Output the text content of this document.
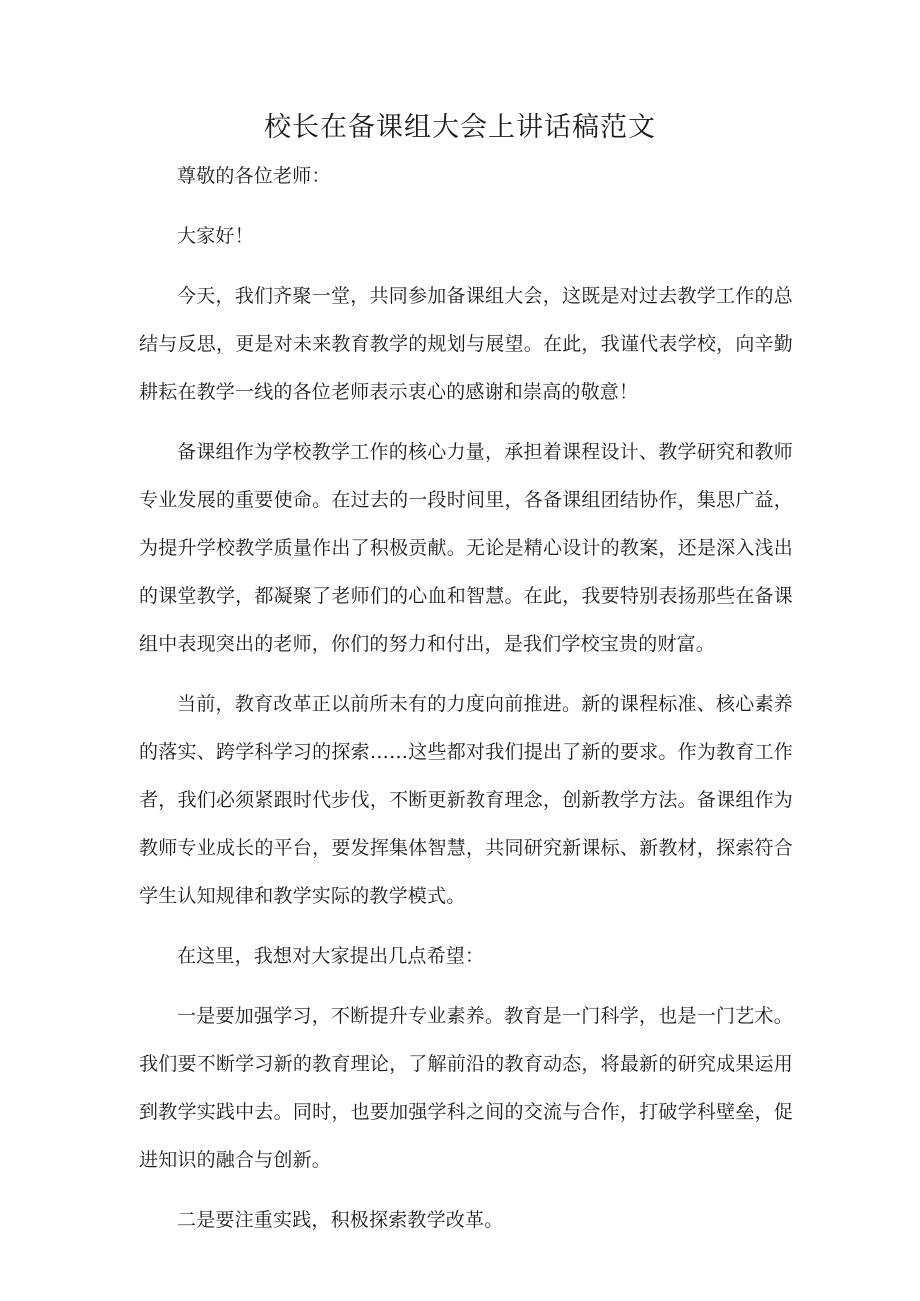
校长在备课组大会上讲话稿范文

尊敬的各位老师：

大家好！

今天，我们齐聚一堂，共同参加备课组大会，这既是对过去教学工作的总结与反思，更是对未来教育教学的规划与展望。在此，我谨代表学校，向辛勤耕耘在教学一线的各位老师表示衷心的感谢和崇高的敬意！

备课组作为学校教学工作的核心力量，承担着课程设计、教学研究和教师专业发展的重要使命。在过去的一段时间里，各备课组团结协作，集思广益，为提升学校教学质量作出了积极贡献。无论是精心设计的教案，还是深入浅出的课堂教学，都凝聚了老师们的心血和智慧。在此，我要特别表扬那些在备课组中表现突出的老师，你们的努力和付出，是我们学校宝贵的财富。

当前，教育改革正以前所未有的力度向前推进。新的课程标准、核心素养的落实、跨学科学习的探索……这些都对我们提出了新的要求。作为教育工作者，我们必须紧跟时代步伐，不断更新教育理念，创新教学方法。备课组作为教师专业成长的平台，要发挥集体智慧，共同研究新课标、新教材，探索符合学生认知规律和教学实际的教学模式。

在这里，我想对大家提出几点希望：

一是要加强学习，不断提升专业素养。教育是一门科学，也是一门艺术。我们要不断学习新的教育理论，了解前沿的教育动态，将最新的研究成果运用到教学实践中去。同时，也要加强学科之间的交流与合作，打破学科壁垒，促进知识的融合与创新。

二是要注重实践，积极探索教学改革。
